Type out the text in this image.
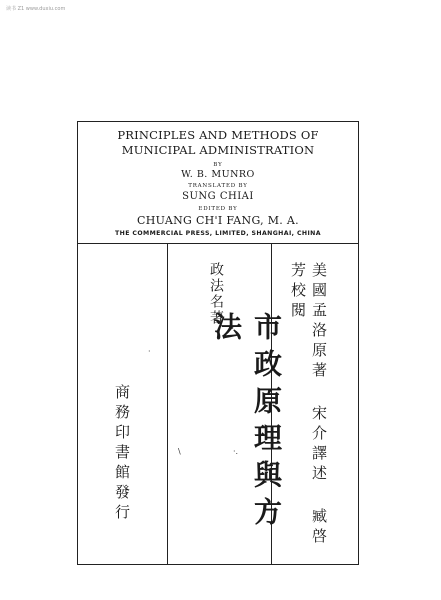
读书 Z1 www.duxiu.com
PRINCIPLES AND METHODS OF MUNICIPAL ADMINISTRATION
BY
W. B. MUNRO
TRANSLATED BY
SUNG CHIAI
EDITED BY
CHUANG CH'I FANG, M. A.
THE COMMERCIAL PRESS, LIMITED, SHANGHAI, CHINA
商務印書館發行
政法名著
市政原理與方法	美國孟洛原著 宋介譯述 臧啓芳校閱
·
\	·.
